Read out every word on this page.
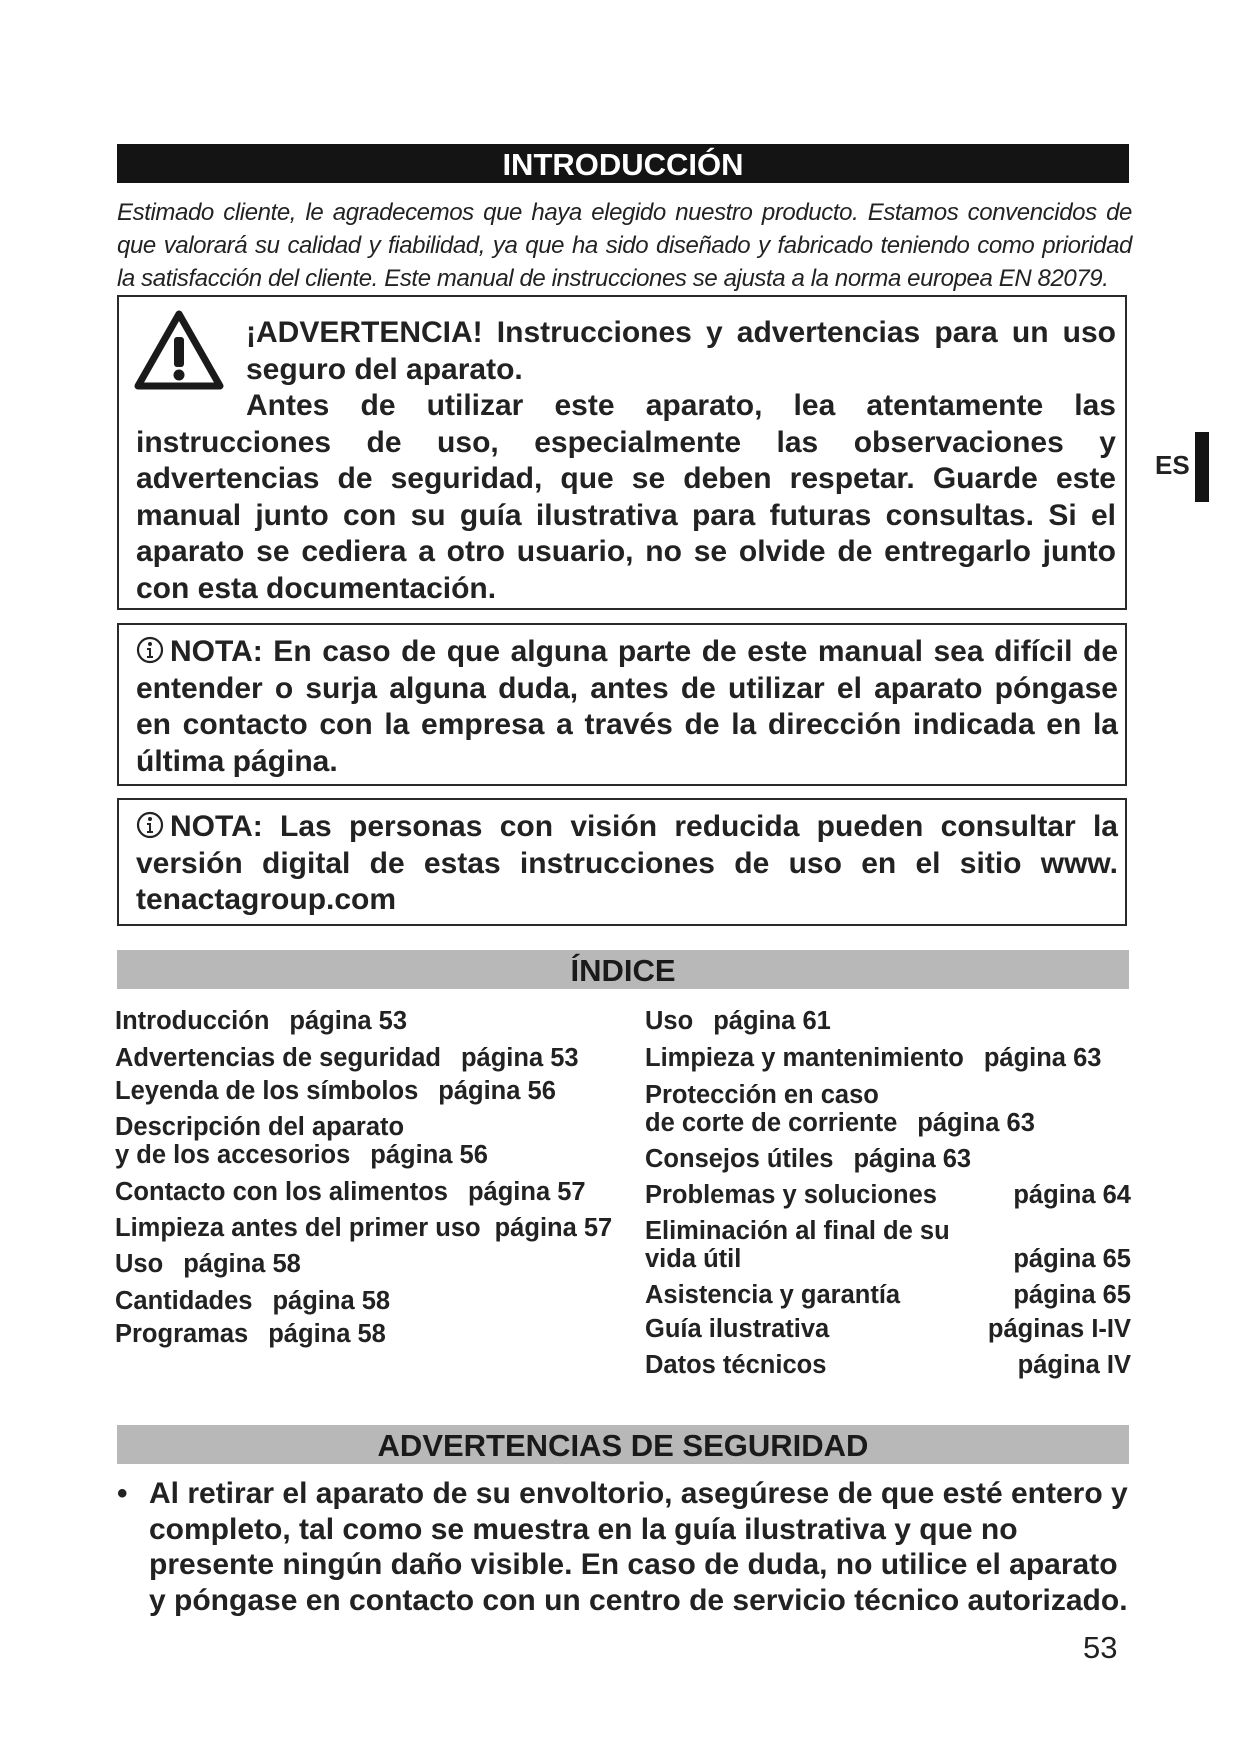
INTRODUCCIÓN
Estimado cliente, le agradecemos que haya elegido nuestro producto. Estamos convencidos de que valorará su calidad y fiabilidad, ya que ha sido diseñado y fabricado teniendo como prioridad la satisfacción del cliente. Este manual de instrucciones se ajusta a la norma europea EN 82079.
¡ADVERTENCIA! Instrucciones y advertencias para un uso seguro del aparato.
Antes de utilizar este aparato, lea atentamente las instrucciones de uso, especialmente las observaciones y advertencias de seguridad, que se deben respetar. Guarde este manual junto con su guía ilustrativa para futuras consultas. Si el aparato se cediera a otro usuario, no se olvide de entregarlo junto con esta documentación.
NOTA: En caso de que alguna parte de este manual sea difícil de entender o surja alguna duda, antes de utilizar el aparato póngase en contacto con la empresa a través de la dirección indicada en la última página.
NOTA: Las personas con visión reducida pueden consultar la versión digital de estas instrucciones de uso en el sitio www. tenactagroup.com
ÍNDICE
Introducción página 53
Advertencias de seguridad página 53
Leyenda de los símbolos página 56
Descripción del aparato
y de los accesorios página 56
Contacto con los alimentos página 57
Limpieza antes del primer uso página 57
Uso página 58
Cantidades página 58
Programas página 58
Uso página 61
Limpieza y mantenimiento página 63
Protección en caso
de corte de corriente página 63
Consejos útiles página 63
Problemas y soluciones	página 64
Eliminación al final de su
vida útil	página 65
Asistencia y garantía	página 65
Guía ilustrativa	páginas I-IV
Datos técnicos	página IV
ADVERTENCIAS DE SEGURIDAD
• Al retirar el aparato de su envoltorio, asegúrese de que esté entero y completo, tal como se muestra en la guía ilustrativa y que no presente ningún daño visible. En caso de duda, no utilice el aparato y póngase en contacto con un centro de servicio técnico autorizado.
ES
53
